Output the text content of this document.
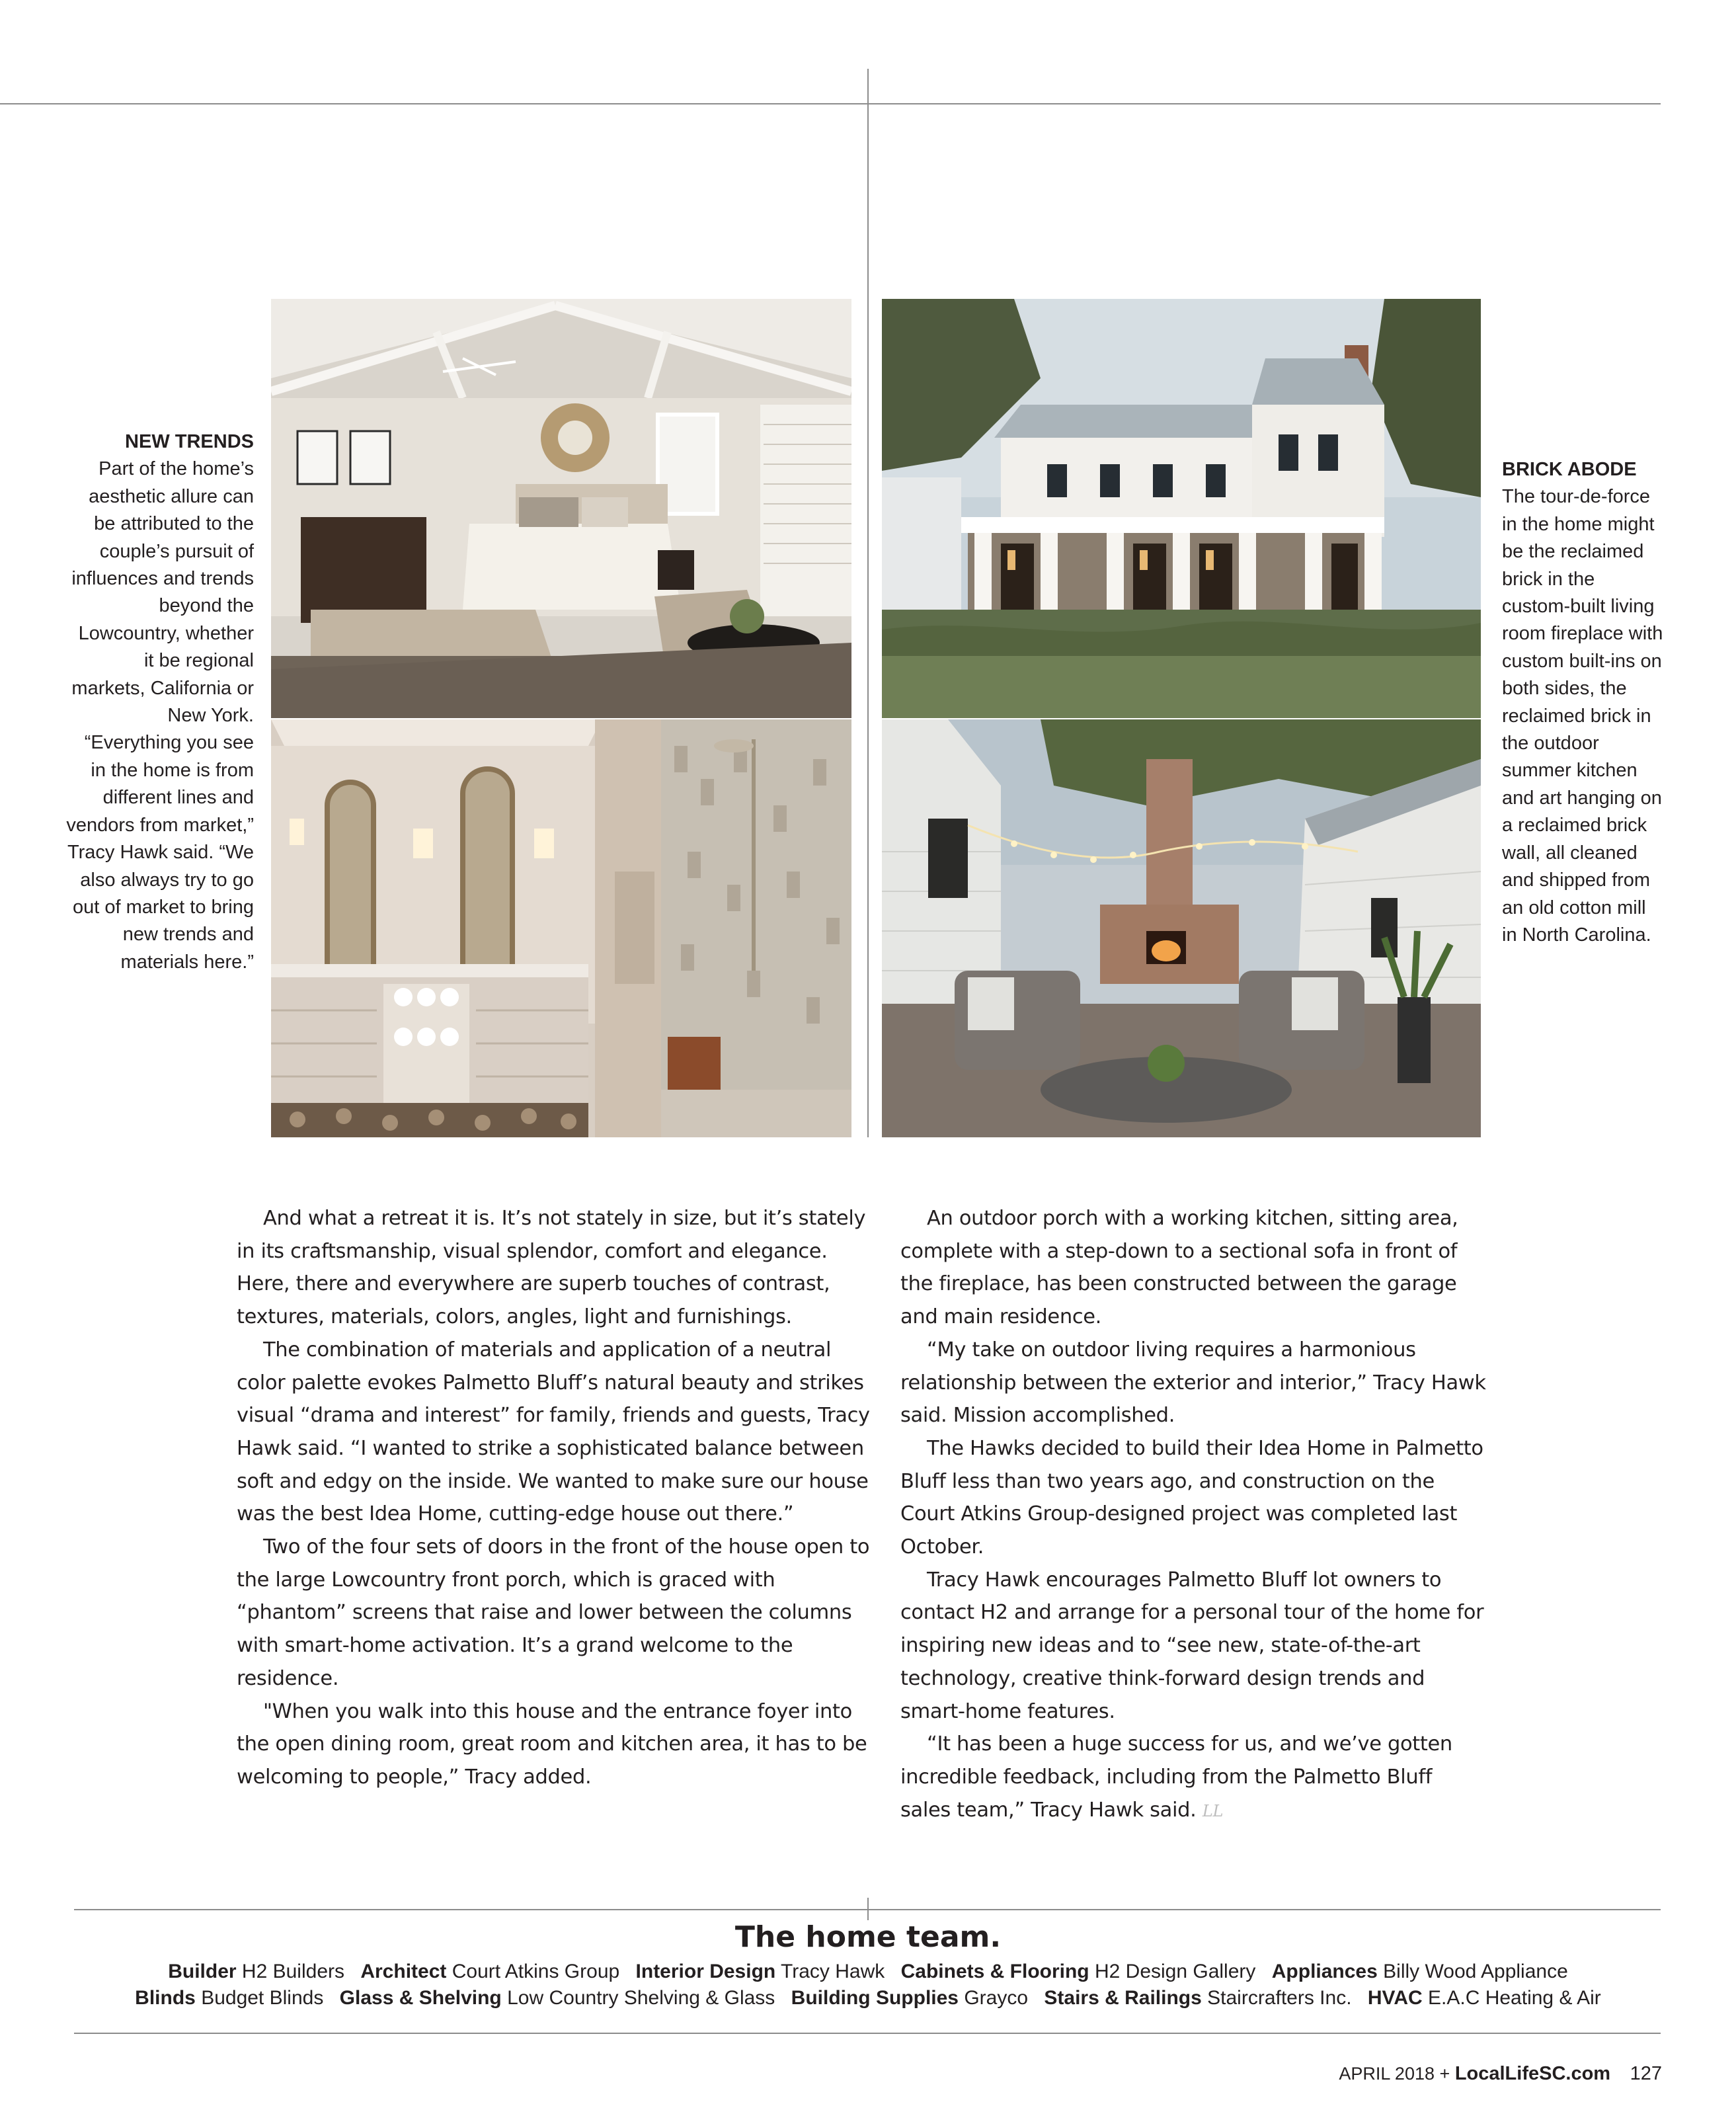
NEW TRENDS
Part of the home’s aesthetic allure can be attributed to the couple’s pursuit of influences and trends beyond the Lowcountry, whether it be regional markets, California or New York. “Everything you see in the home is from different lines and vendors from market,” Tracy Hawk said. “We also always try to go out of market to bring new trends and materials here.”
BRICK ABODE
The tour-de-force in the home might be the reclaimed brick in the custom-built living room fireplace with custom built-ins on both sides, the reclaimed brick in the outdoor summer kitchen and art hanging on a reclaimed brick wall, all cleaned and shipped from an old cotton mill in North Carolina.

And what a retreat it is. It’s not stately in size, but it’s stately in its craftsmanship, visual splendor, comfort and elegance. Here, there and everywhere are superb touches of contrast, textures, materials, colors, angles, light and furnishings.

The combination of materials and application of a neutral color palette evokes Palmetto Bluff’s natural beauty and strikes visual “drama and interest” for family, friends and guests, Tracy Hawk said. “I wanted to strike a sophisticated balance between soft and edgy on the inside. We wanted to make sure our house was the best Idea Home, cutting-edge house out there.”

Two of the four sets of doors in the front of the house open to the large Lowcountry front porch, which is graced with “phantom” screens that raise and lower between the columns with smart-home activation. It’s a grand welcome to the residence.

"When you walk into this house and the entrance foyer into the open dining room, great room and kitchen area, it has to be welcoming to people,” Tracy added.

An outdoor porch with a working kitchen, sitting area, complete with a step-down to a sectional sofa in front of the fireplace, has been constructed between the garage and main residence.

“My take on outdoor living requires a harmonious relationship between the exterior and interior,” Tracy Hawk said. Mission accomplished.

The Hawks decided to build their Idea Home in Palmetto Bluff less than two years ago, and construction on the Court Atkins Group-designed project was completed last October.

Tracy Hawk encourages Palmetto Bluff lot owners to contact H2 and arrange for a personal tour of the home for inspiring new ideas and to “see new, state-of-the-art technology, creative think-forward design trends and smart-home features.

“It has been a huge success for us, and we’ve gotten incredible feedback, including from the Palmetto Bluff sales team,” Tracy Hawk said. LL

The home team.
Builder H2 Builders Architect Court Atkins Group Interior Design Tracy Hawk Cabinets & Flooring H2 Design Gallery Appliances Billy Wood Appliance
Blinds Budget Blinds Glass & Shelving Low Country Shelving & Glass Building Supplies Grayco Stairs & Railings Staircrafters Inc. HVAC E.A.C Heating & Air
APRIL 2018 + LocalLifeSC.com 127
